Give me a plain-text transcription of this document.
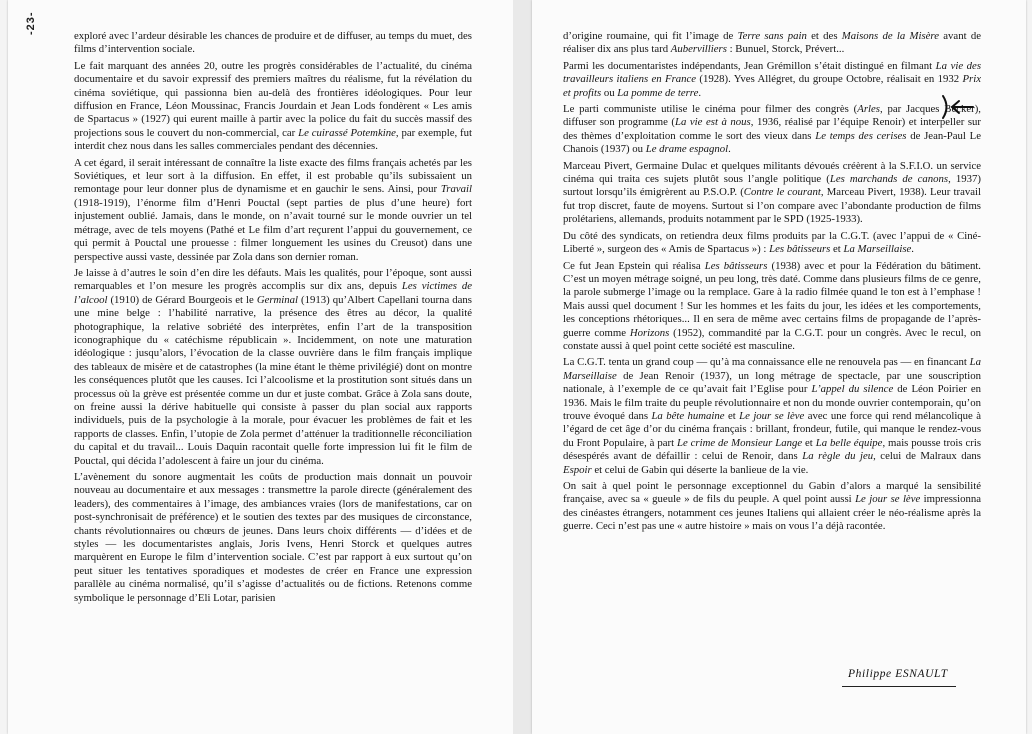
-23-

exploré avec l’ardeur désirable les chances de produire et de diffuser, au temps du muet, des films d’intervention sociale.

Le fait marquant des années 20, outre les progrès considérables de l’actualité, du cinéma documentaire et du savoir expressif des premiers maîtres du réalisme, fut la révélation du cinéma soviétique, qui passionna bien au-delà des frontières idéologiques. Pour leur diffusion en France, Léon Moussinac, Francis Jourdain et Jean Lods fondèrent « Les amis de Spartacus » (1927) qui eurent maille à partir avec la police du fait du succès massif des projections sous le couvert du non-commercial, car Le cuirassé Potemkine, par exemple, fut interdit chez nous dans les salles commerciales pendant des décennies.

A cet égard, il serait intéressant de connaître la liste exacte des films français achetés par les Soviétiques, et leur sort à la diffusion. En effet, il est probable qu’ils subissaient un remontage pour leur donner plus de dynamisme et en gauchir le sens. Ainsi, pour Travail (1918-1919), l’énorme film d’Henri Pouctal (sept parties de plus d’une heure) fort injustement oublié. Jamais, dans le monde, on n’avait tourné sur le monde ouvrier un tel métrage, avec de tels moyens (Pathé et Le film d’art reçurent l’appui du gouvernement, ce qui permit à Pouctal une prouesse : filmer longuement les usines du Creusot) dans une perspective aussi vaste, dessinée par Zola dans son dernier roman.

Je laisse à d’autres le soin d’en dire les défauts. Mais les qualités, pour l’époque, sont aussi remarquables et l’on mesure les progrès accomplis sur dix ans, depuis Les victimes de l’alcool (1910) de Gérard Bourgeois et le Germinal (1913) qu’Albert Capellani tourna dans une mine belge : l’habilité narrative, la présence des êtres au décor, la qualité photographique, la relative sobriété des interprètes, enfin l’art de la transposition iconographique du « catéchisme républicain ». Incidemment, on note une maturation idéologique : jusqu’alors, l’évocation de la classe ouvrière dans le film français implique des tableaux de misère et de catastrophes (la mine étant le thème privilégié) dont on montre les conséquences plutôt que les causes. Ici l’alcoolisme et la prostitution sont situés dans un processus où la grève est présentée comme un dur et juste combat. Grâce à Zola sans doute, on freine aussi la dérive habituelle qui consiste à passer du plan social aux rapports individuels, puis de la psychologie à la morale, pour évacuer les problèmes de fait et les rapports de classes. Enfin, l’utopie de Zola permet d’atténuer la traditionnelle réconciliation du capital et du travail... Louis Daquin racontait quelle forte impression lui fit le film de Pouctal, qui décida l’adolescent à faire un jour du cinéma.

L’avènement du sonore augmentait les coûts de production mais donnait un pouvoir nouveau au documentaire et aux messages : transmettre la parole directe (généralement des leaders), des commentaires à l’image, des ambiances vraies (lors de manifestations, car on post-synchronisait de préférence) et le soutien des textes par des musiques de circonstance, chants révolutionnaires ou chœurs de jeunes. Dans leurs choix différents — d’idées et de styles — les documentaristes anglais, Joris Ivens, Henri Storck et quelques autres marquèrent en Europe le film d’intervention sociale. C’est par rapport à eux surtout qu’on peut situer les tentatives sporadiques et modestes de créer en France une expression parallèle au cinéma normalisé, qu’il s’agisse d’actualités ou de fictions. Retenons comme symbolique le personnage d’Eli Lotar, parisien

d’origine roumaine, qui fit l’image de Terre sans pain et des Maisons de la Misère avant de réaliser dix ans plus tard Aubervilliers : Bunuel, Storck, Prévert...

Parmi les documentaristes indépendants, Jean Grémillon s’était distingué en filmant La vie des travailleurs italiens en France (1928). Yves Allégret, du groupe Octobre, réalisait en 1932 Prix et profits ou La pomme de terre.

Le parti communiste utilise le cinéma pour filmer des congrès (Arles, par Jacques Becker), diffuser son programme (La vie est à nous, 1936, réalisé par l’équipe Renoir) et interpeller sur des thèmes d’exploitation comme le sort des vieux dans Le temps des cerises de Jean-Paul Le Chanois (1937) ou Le drame espagnol.

Marceau Pivert, Germaine Dulac et quelques militants dévoués créèrent à la S.F.I.O. un service cinéma qui traita ces sujets plutôt sous l’angle politique (Les marchands de canons, 1937) surtout lorsqu’ils émigrèrent au P.S.O.P. (Contre le courant, Marceau Pivert, 1938). Leur travail fut trop discret, faute de moyens. Surtout si l’on compare avec l’abondante production de films prolétariens, allemands, produits notamment par le SPD (1925-1933).

Du côté des syndicats, on retiendra deux films produits par la C.G.T. (avec l’appui de « Ciné-Liberté », surgeon des « Amis de Spartacus ») : Les bâtisseurs et La Marseillaise.

Ce fut Jean Epstein qui réalisa Les bâtisseurs (1938) avec et pour la Fédération du bâtiment. C’est un moyen métrage soigné, un peu long, très daté. Comme dans plusieurs films de ce genre, la parole submerge l’image ou la remplace. Gare à la radio filmée quand le ton est à l’emphase ! Mais aussi quel document ! Sur les hommes et les faits du jour, les idées et les comportements, les conceptions rhétoriques... Il en sera de même avec certains films de propagande de l’après-guerre comme Horizons (1952), commandité par la C.G.T. pour un congrès. Avec le recul, on constate aussi à quel point cette société est masculine.

La C.G.T. tenta un grand coup — qu’à ma connaissance elle ne renouvela pas — en financant La Marseillaise de Jean Renoir (1937), un long métrage de spectacle, par une souscription nationale, à l’exemple de ce qu’avait fait l’Eglise pour L’appel du silence de Léon Poirier en 1936. Mais le film traite du peuple révolutionnaire et non du monde ouvrier contemporain, qu’on trouve évoqué dans La bête humaine et Le jour se lève avec une force qui rend mélancolique à l’égard de cet âge d’or du cinéma français : brillant, frondeur, futile, qui manque le rendez-vous du Front Populaire, à part Le crime de Monsieur Lange et La belle équipe, mais pousse trois cris désespérés avant de défaillir : celui de Renoir, dans La règle du jeu, celui de Malraux dans Espoir et celui de Gabin qui déserte la banlieue de la vie.

On sait à quel point le personnage exceptionnel du Gabin d’alors a marqué la sensibilité française, avec sa « gueule » de fils du peuple. A quel point aussi Le jour se lève impressionna des cinéastes étrangers, notamment ces jeunes Italiens qui allaient créer le néo-réalisme après la guerre. Ceci n’est pas une « autre histoire » mais on vous l’a déjà racontée.

Philippe ESNAULT
